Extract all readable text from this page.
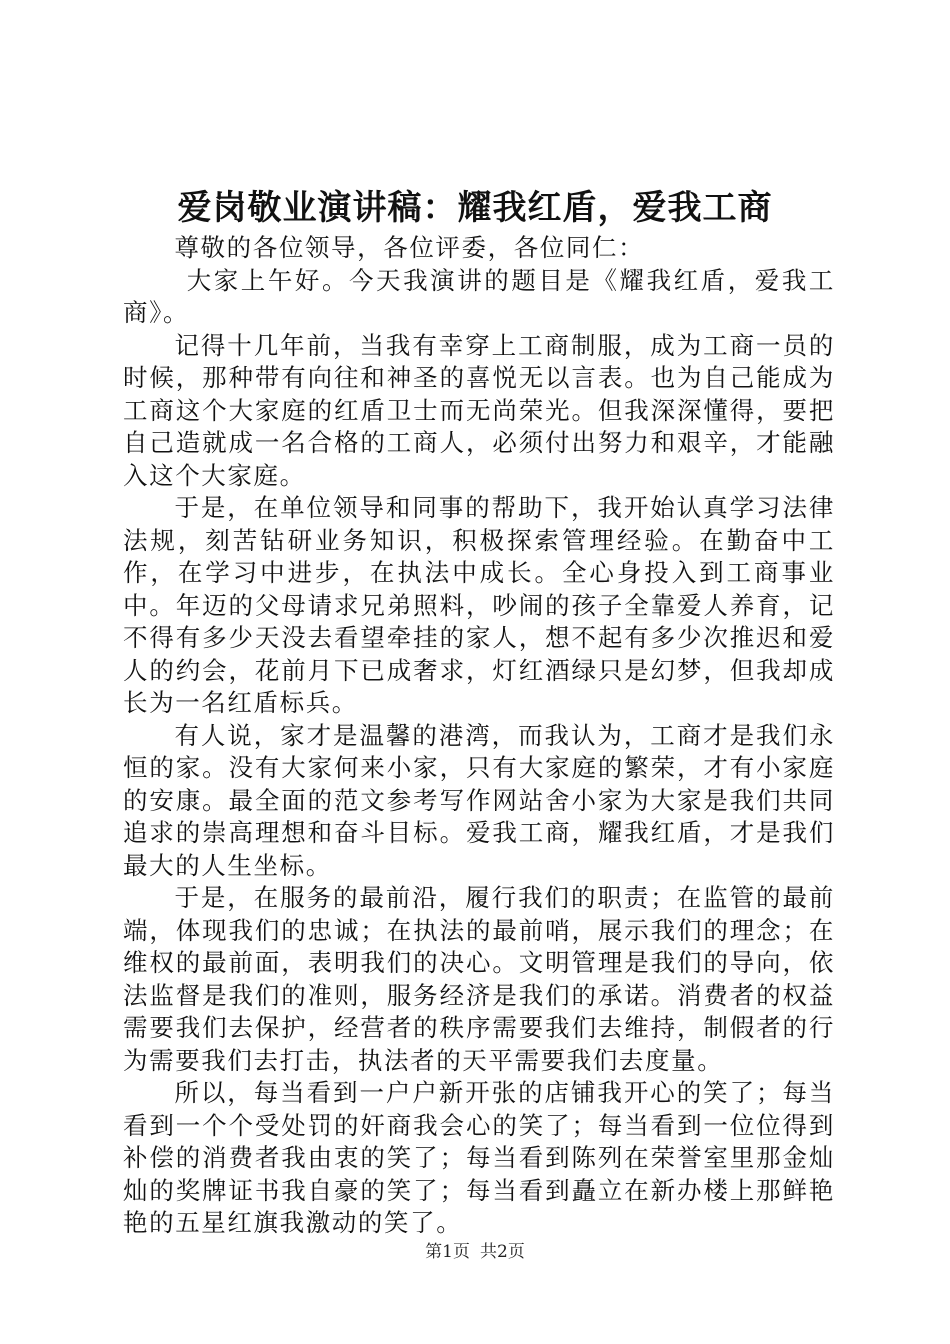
爱岗敬业演讲稿：耀我红盾，爱我工商

尊敬的各位领导，各位评委，各位同仁：

大家上午好。今天我演讲的题目是《耀我红盾，爱我工商》。

记得十几年前，当我有幸穿上工商制服，成为工商一员的时候，那种带有向往和神圣的喜悦无以言表。也为自己能成为工商这个大家庭的红盾卫士而无尚荣光。但我深深懂得，要把自己造就成一名合格的工商人，必须付出努力和艰辛，才能融入这个大家庭。

于是，在单位领导和同事的帮助下，我开始认真学习法律法规，刻苦钻研业务知识，积极探索管理经验。在勤奋中工作，在学习中进步，在执法中成长。全心身投入到工商事业中。年迈的父母请求兄弟照料，吵闹的孩子全靠爱人养育，记不得有多少天没去看望牵挂的家人，想不起有多少次推迟和爱人的约会，花前月下已成奢求，灯红酒绿只是幻梦，但我却成长为一名红盾标兵。

有人说，家才是温馨的港湾，而我认为，工商才是我们永恒的家。没有大家何来小家，只有大家庭的繁荣，才有小家庭的安康。最全面的范文参考写作网站舍小家为大家是我们共同追求的崇高理想和奋斗目标。爱我工商，耀我红盾，才是我们最大的人生坐标。

于是，在服务的最前沿，履行我们的职责；在监管的最前端，体现我们的忠诚；在执法的最前哨，展示我们的理念；在维权的最前面，表明我们的决心。文明管理是我们的导向，依法监督是我们的准则，服务经济是我们的承诺。消费者的权益需要我们去保护，经营者的秩序需要我们去维持，制假者的行为需要我们去打击，执法者的天平需要我们去度量。

所以，每当看到一户户新开张的店铺我开心的笑了；每当看到一个个受处罚的奸商我会心的笑了；每当看到一位位得到补偿的消费者我由衷的笑了；每当看到陈列在荣誉室里那金灿灿的奖牌证书我自豪的笑了；每当看到矗立在新办楼上那鲜艳艳的五星红旗我激动的笑了。

第1页 共2页
